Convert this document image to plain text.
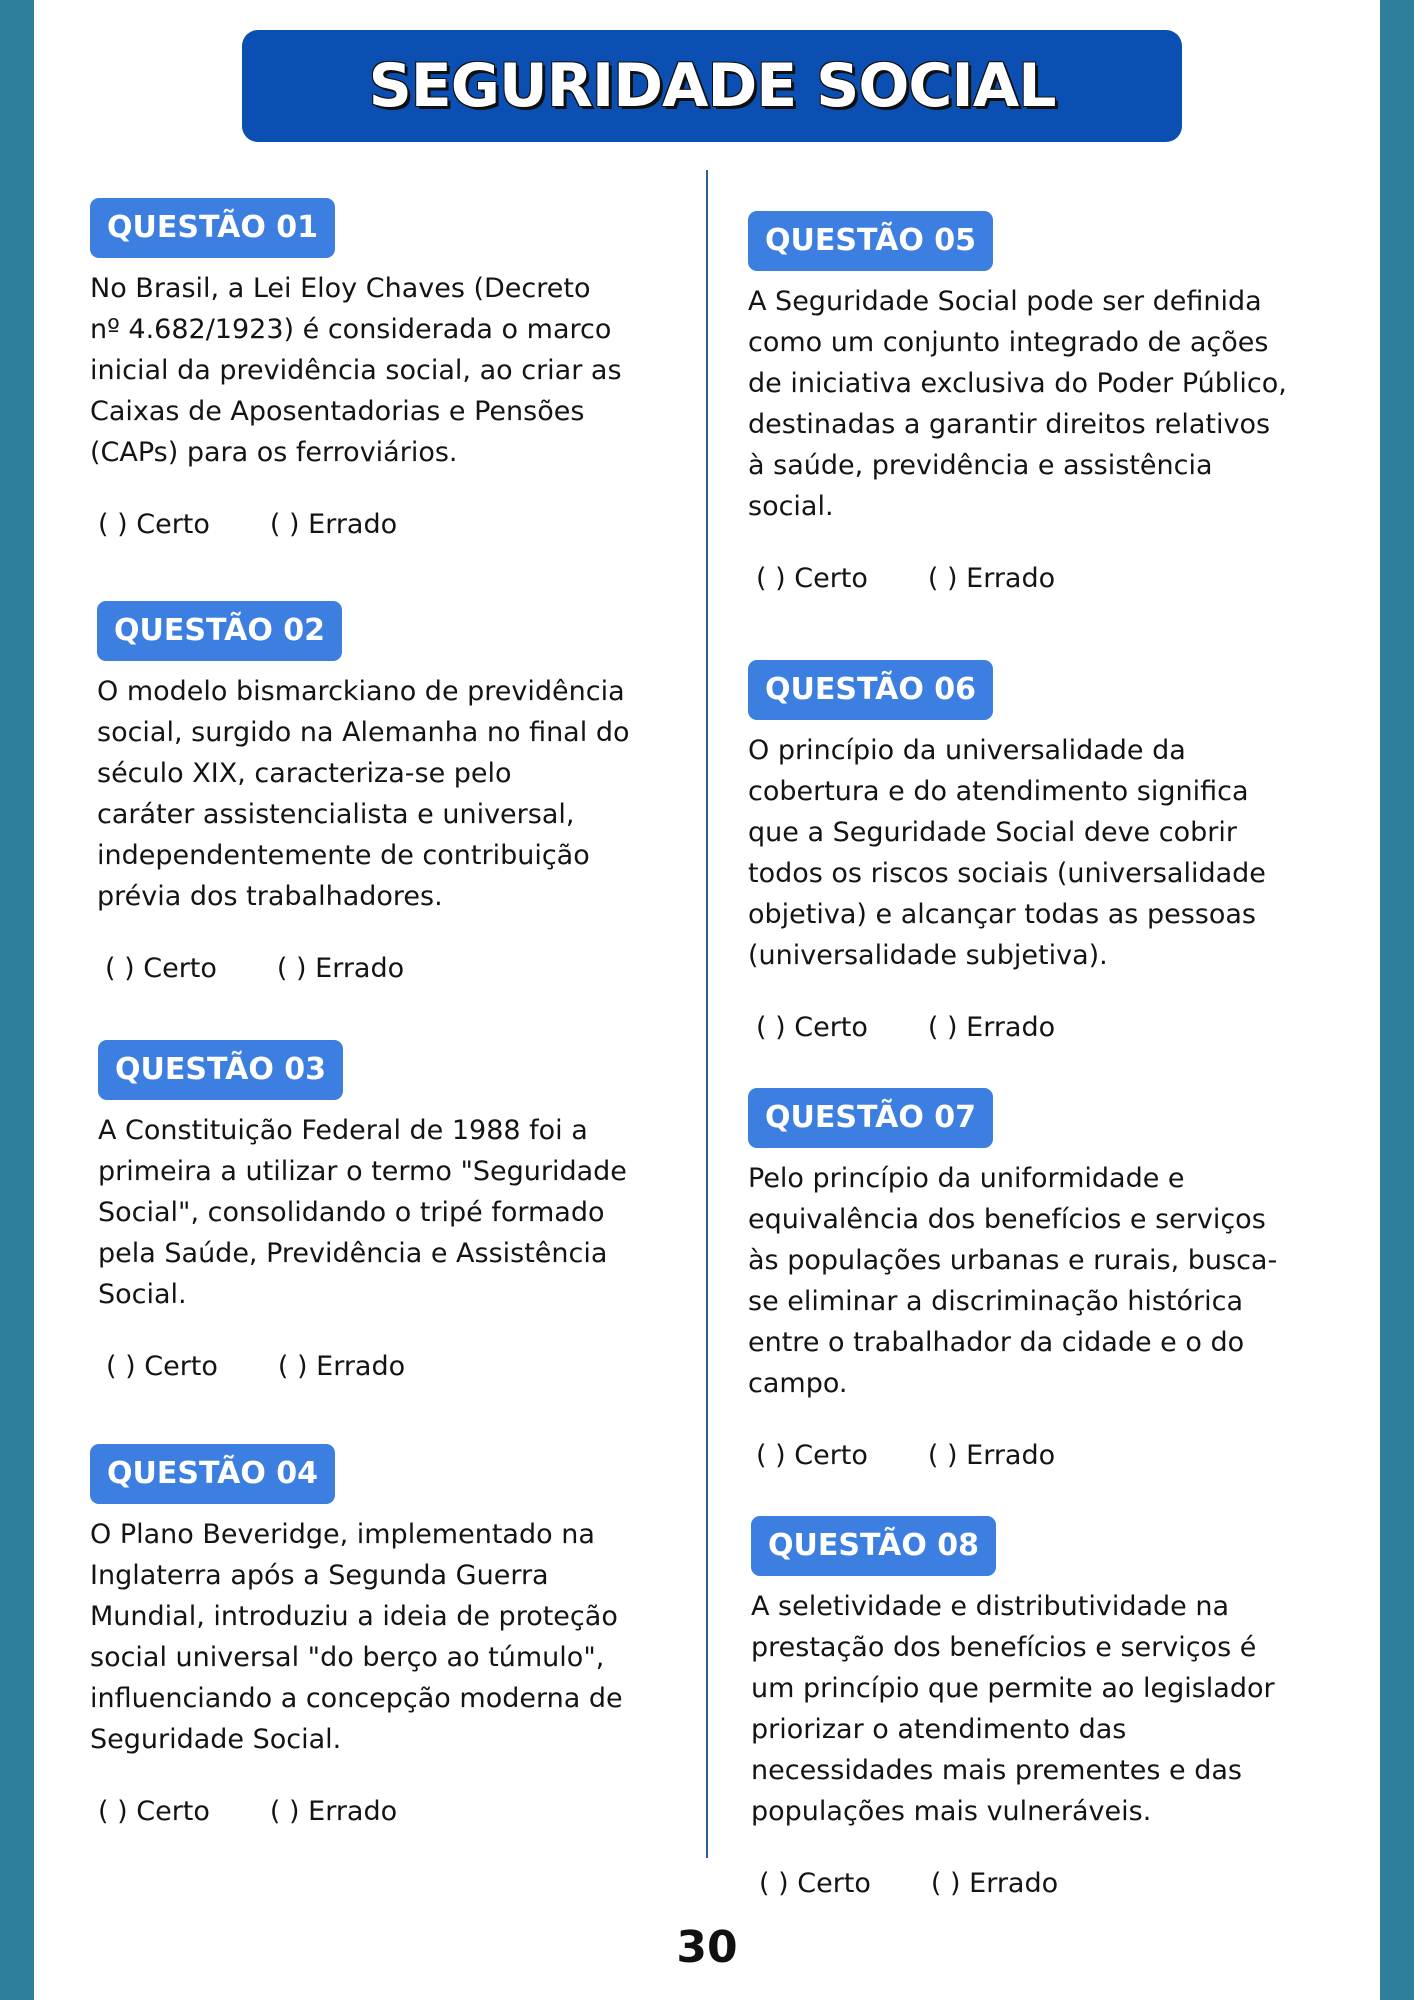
SEGURIDADE SOCIAL
QUESTÃO 01
No Brasil, a Lei Eloy Chaves (Decreto
nº 4.682/1923) é considerada o marco
inicial da previdência social, ao criar as
Caixas de Aposentadorias e Pensões
(CAPs) para os ferroviários.
( ) Certo ( ) Errado
QUESTÃO 02
O modelo bismarckiano de previdência
social, surgido na Alemanha no final do
século XIX, caracteriza-se pelo
caráter assistencialista e universal,
independentemente de contribuição
prévia dos trabalhadores.
( ) Certo ( ) Errado
QUESTÃO 03
A Constituição Federal de 1988 foi a
primeira a utilizar o termo "Seguridade
Social", consolidando o tripé formado
pela Saúde, Previdência e Assistência
Social.
( ) Certo ( ) Errado
QUESTÃO 04
O Plano Beveridge, implementado na
Inglaterra após a Segunda Guerra
Mundial, introduziu a ideia de proteção
social universal "do berço ao túmulo",
influenciando a concepção moderna de
Seguridade Social.
( ) Certo ( ) Errado
QUESTÃO 05
A Seguridade Social pode ser definida
como um conjunto integrado de ações
de iniciativa exclusiva do Poder Público,
destinadas a garantir direitos relativos
à saúde, previdência e assistência
social.
( ) Certo ( ) Errado
QUESTÃO 06
O princípio da universalidade da
cobertura e do atendimento significa
que a Seguridade Social deve cobrir
todos os riscos sociais (universalidade
objetiva) e alcançar todas as pessoas
(universalidade subjetiva).
( ) Certo ( ) Errado
QUESTÃO 07
Pelo princípio da uniformidade e
equivalência dos benefícios e serviços
às populações urbanas e rurais, busca-
se eliminar a discriminação histórica
entre o trabalhador da cidade e o do
campo.
( ) Certo ( ) Errado
QUESTÃO 08
A seletividade e distributividade na
prestação dos benefícios e serviços é
um princípio que permite ao legislador
priorizar o atendimento das
necessidades mais prementes e das
populações mais vulneráveis.
( ) Certo ( ) Errado
30
